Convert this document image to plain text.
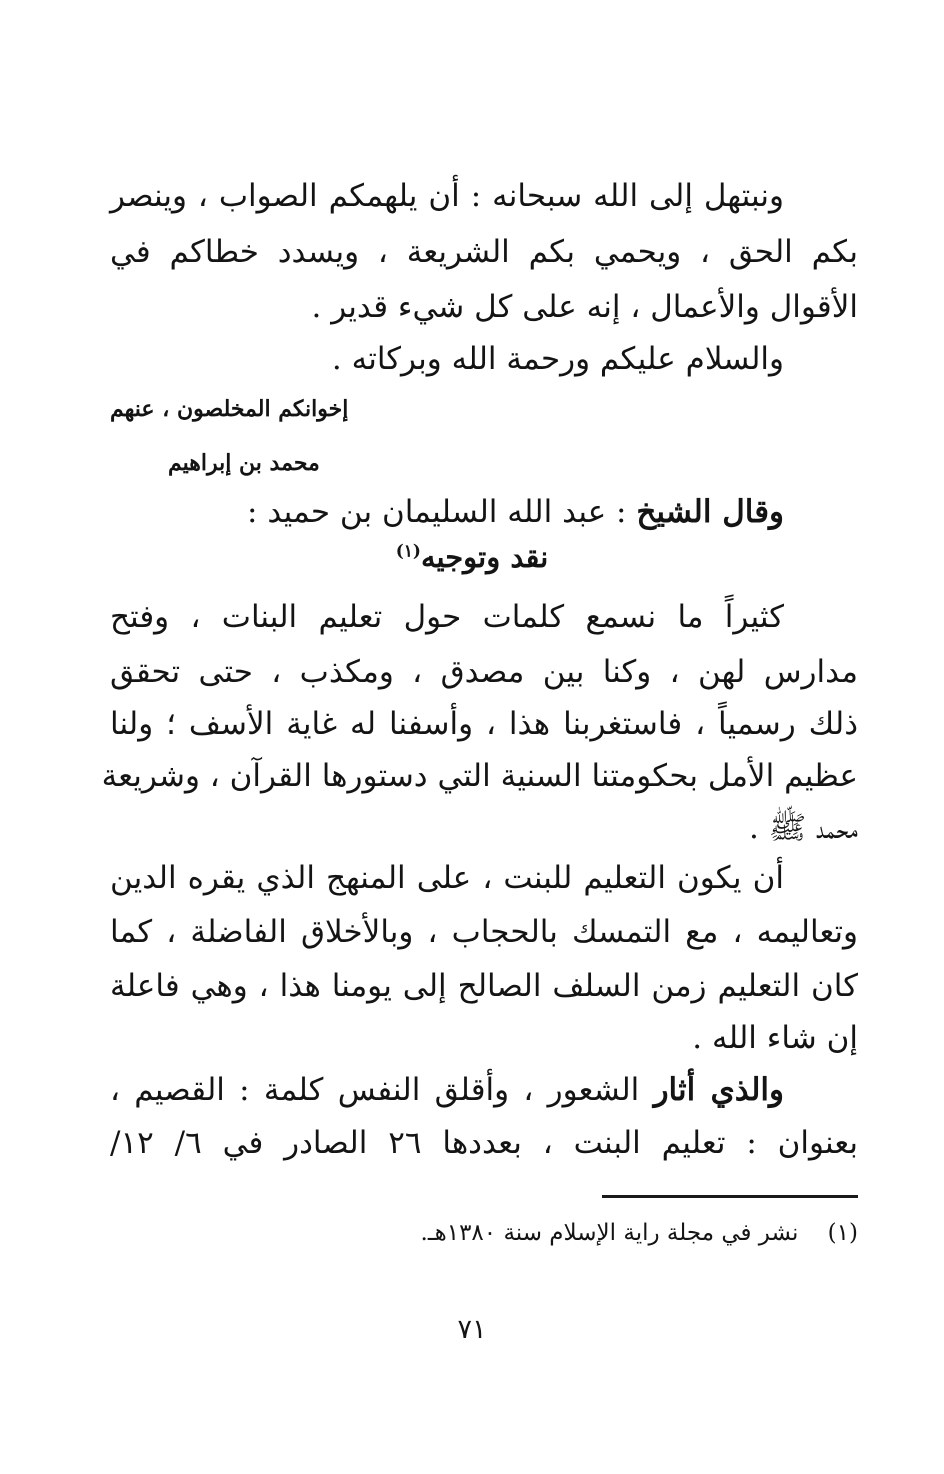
ونبتهل إلى الله سبحانه : أن يلهمكم الصواب ، وينصر
بكم الحق ، ويحمي بكم الشريعة ، ويسدد خطاكم في
الأقوال والأعمال ، إنه على كل شيء قدير .
والسلام عليكم ورحمة الله وبركاته .
إخوانكم المخلصون ، عنهم
محمد بن إبراهيم
وقال الشيخ : عبد الله السليمان بن حميد :
نقد وتوجيه$^{(١)}$
كثيراً ما نسمع كلمات حول تعليم البنات ، وفتح
مدارس لهن ، وكنا بين مصدق ، ومكذب ، حتى تحقق
ذلك رسمياً ، فاستغربنا هذا ، وأسفنا له غاية الأسف ؛ ولنا
عظيم الأمل بحكومتنا السنية التي دستورها القرآن ، وشريعة
محمد ﷺ .
أن يكون التعليم للبنت ، على المنهج الذي يقره الدين
وتعاليمه ، مع التمسك بالحجاب ، وبالأخلاق الفاضلة ، كما
كان التعليم زمن السلف الصالح إلى يومنا هذا ، وهي فاعلة
إن شاء الله .
والذي أثار الشعور ، وأقلق النفس كلمة : القصيم ،
بعنوان : تعليم البنت ، بعددها ٢٦ الصادر في ٦/ ١٢/
(١)    نشر في مجلة راية الإسلام سنة ١٣٨٠هـ.
٧١
